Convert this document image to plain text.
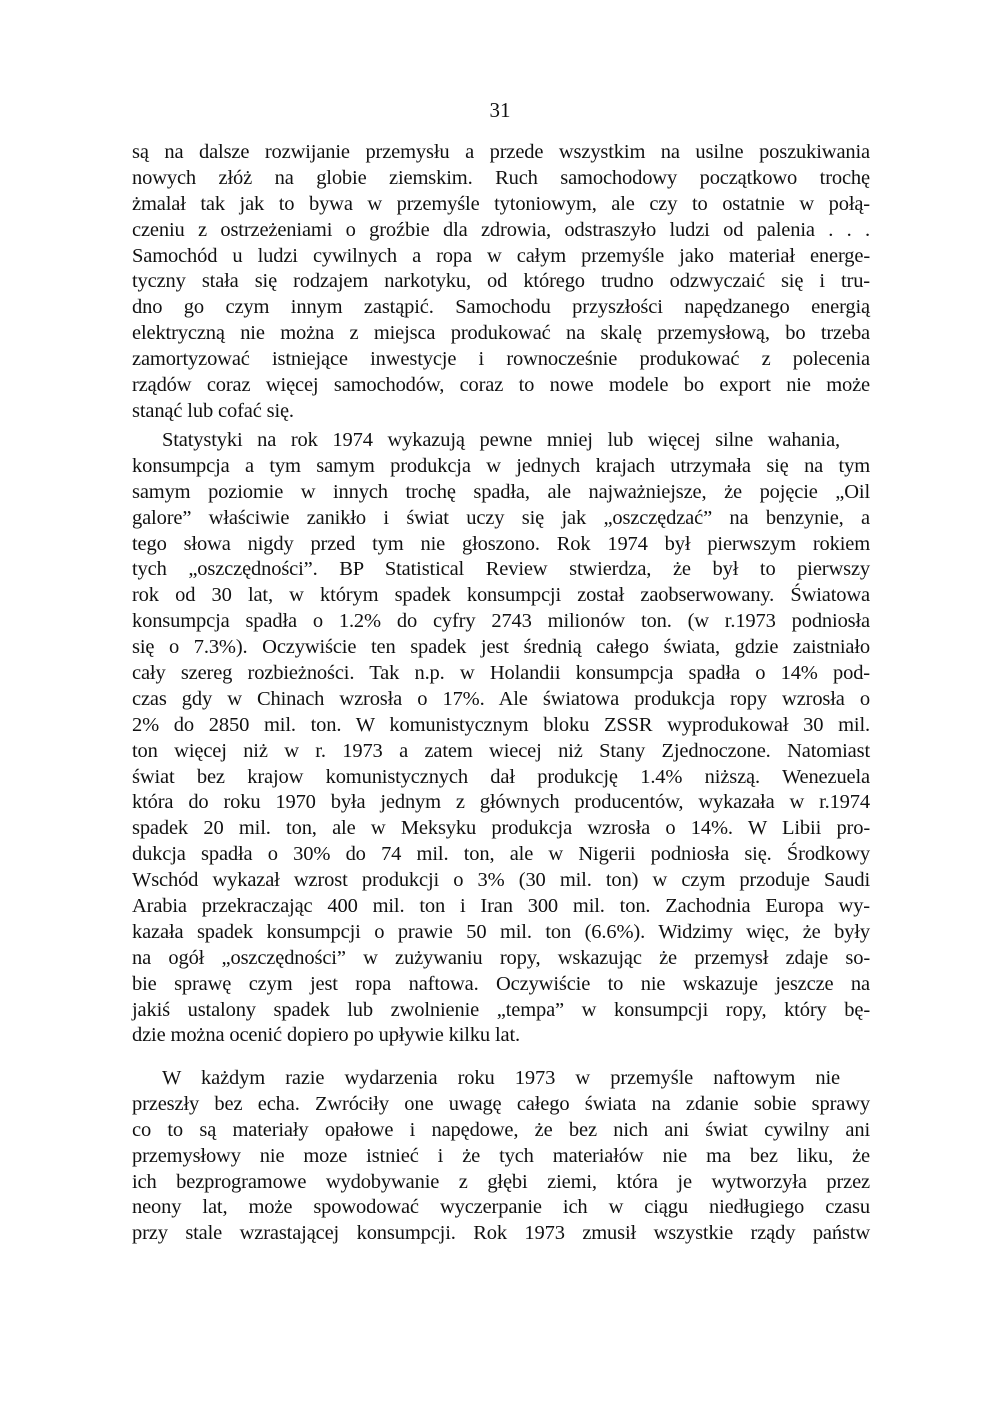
31
są na dalsze rozwijanie przemysłu a przede wszystkim na usilne poszukiwania
nowych złóż na globie ziemskim. Ruch samochodowy początkowo trochę
żmalał tak jak to bywa w przemyśle tytoniowym, ale czy to ostatnie w połą-
czeniu z ostrzeżeniami o groźbie dla zdrowia, odstraszyło ludzi od palenia . . .
Samochód u ludzi cywilnych a ropa w całym przemyśle jako materiał energe-
tyczny stała się rodzajem narkotyku, od którego trudno odzwyczaić się i tru-
dno go czym innym zastąpić. Samochodu przyszłości napędzanego energią
elektryczną nie można z miejsca produkować na skalę przemysłową, bo trzeba
zamortyzować istniejące inwestycje i rownocześnie produkować z polecenia
rządów coraz więcej samochodów, coraz to nowe modele bo export nie może
stanąć lub cofać się.
Statystyki na rok 1974 wykazują pewne mniej lub więcej silne wahania,
konsumpcja a tym samym produkcja w jednych krajach utrzymała się na tym
samym poziomie w innych trochę spadła, ale najważniejsze, że pojęcie „Oil
galore” właściwie zanikło i świat uczy się jak „oszczędzać” na benzynie, a
tego słowa nigdy przed tym nie głoszono. Rok 1974 był pierwszym rokiem
tych „oszczędności”. BP Statistical Review stwierdza, że był to pierwszy
rok od 30 lat, w którym spadek konsumpcji został zaobserwowany. Światowa
konsumpcja spadła o 1.2% do cyfry 2743 milionów ton. (w r.1973 podniosła
się o 7.3%). Oczywiście ten spadek jest średnią całego świata, gdzie zaistniało
cały szereg rozbieżności. Tak n.p. w Holandii konsumpcja spadła o 14% pod-
czas gdy w Chinach wzrosła o 17%. Ale światowa produkcja ropy wzrosła o
2% do 2850 mil. ton. W komunistycznym bloku ZSSR wyprodukował 30 mil.
ton więcej niż w r. 1973 a zatem wiecej niż Stany Zjednoczone. Natomiast
świat bez krajow komunistycznych dał produkcję 1.4% niższą. Wenezuela
która do roku 1970 była jednym z głównych producentów, wykazała w r.1974
spadek 20 mil. ton, ale w Meksyku produkcja wzrosła o 14%. W Libii pro-
dukcja spadła o 30% do 74 mil. ton, ale w Nigerii podniosła się. Środkowy
Wschód wykazał wzrost produkcji o 3% (30 mil. ton) w czym przoduje Saudi
Arabia przekraczając 400 mil. ton i Iran 300 mil. ton. Zachodnia Europa wy-
kazała spadek konsumpcji o prawie 50 mil. ton (6.6%). Widzimy więc, że były
na ogół „oszczędności” w zużywaniu ropy, wskazując że przemysł zdaje so-
bie sprawę czym jest ropa naftowa. Oczywiście to nie wskazuje jeszcze na
jakiś ustalony spadek lub zwolnienie „tempa” w konsumpcji ropy, który bę-
dzie można ocenić dopiero po upływie kilku lat.
W każdym razie wydarzenia roku 1973 w przemyśle naftowym nie
przeszły bez echa. Zwróciły one uwagę całego świata na zdanie sobie sprawy
co to są materiały opałowe i napędowe, że bez nich ani świat cywilny ani
przemysłowy nie moze istnieć i że tych materiałów nie ma bez liku, że
ich bezprogramowe wydobywanie z głębi ziemi, która je wytworzyła przez
neony lat, może spowodować wyczerpanie ich w ciągu niedługiego czasu
przy stale wzrastającej konsumpcji. Rok 1973 zmusił wszystkie rządy państw
